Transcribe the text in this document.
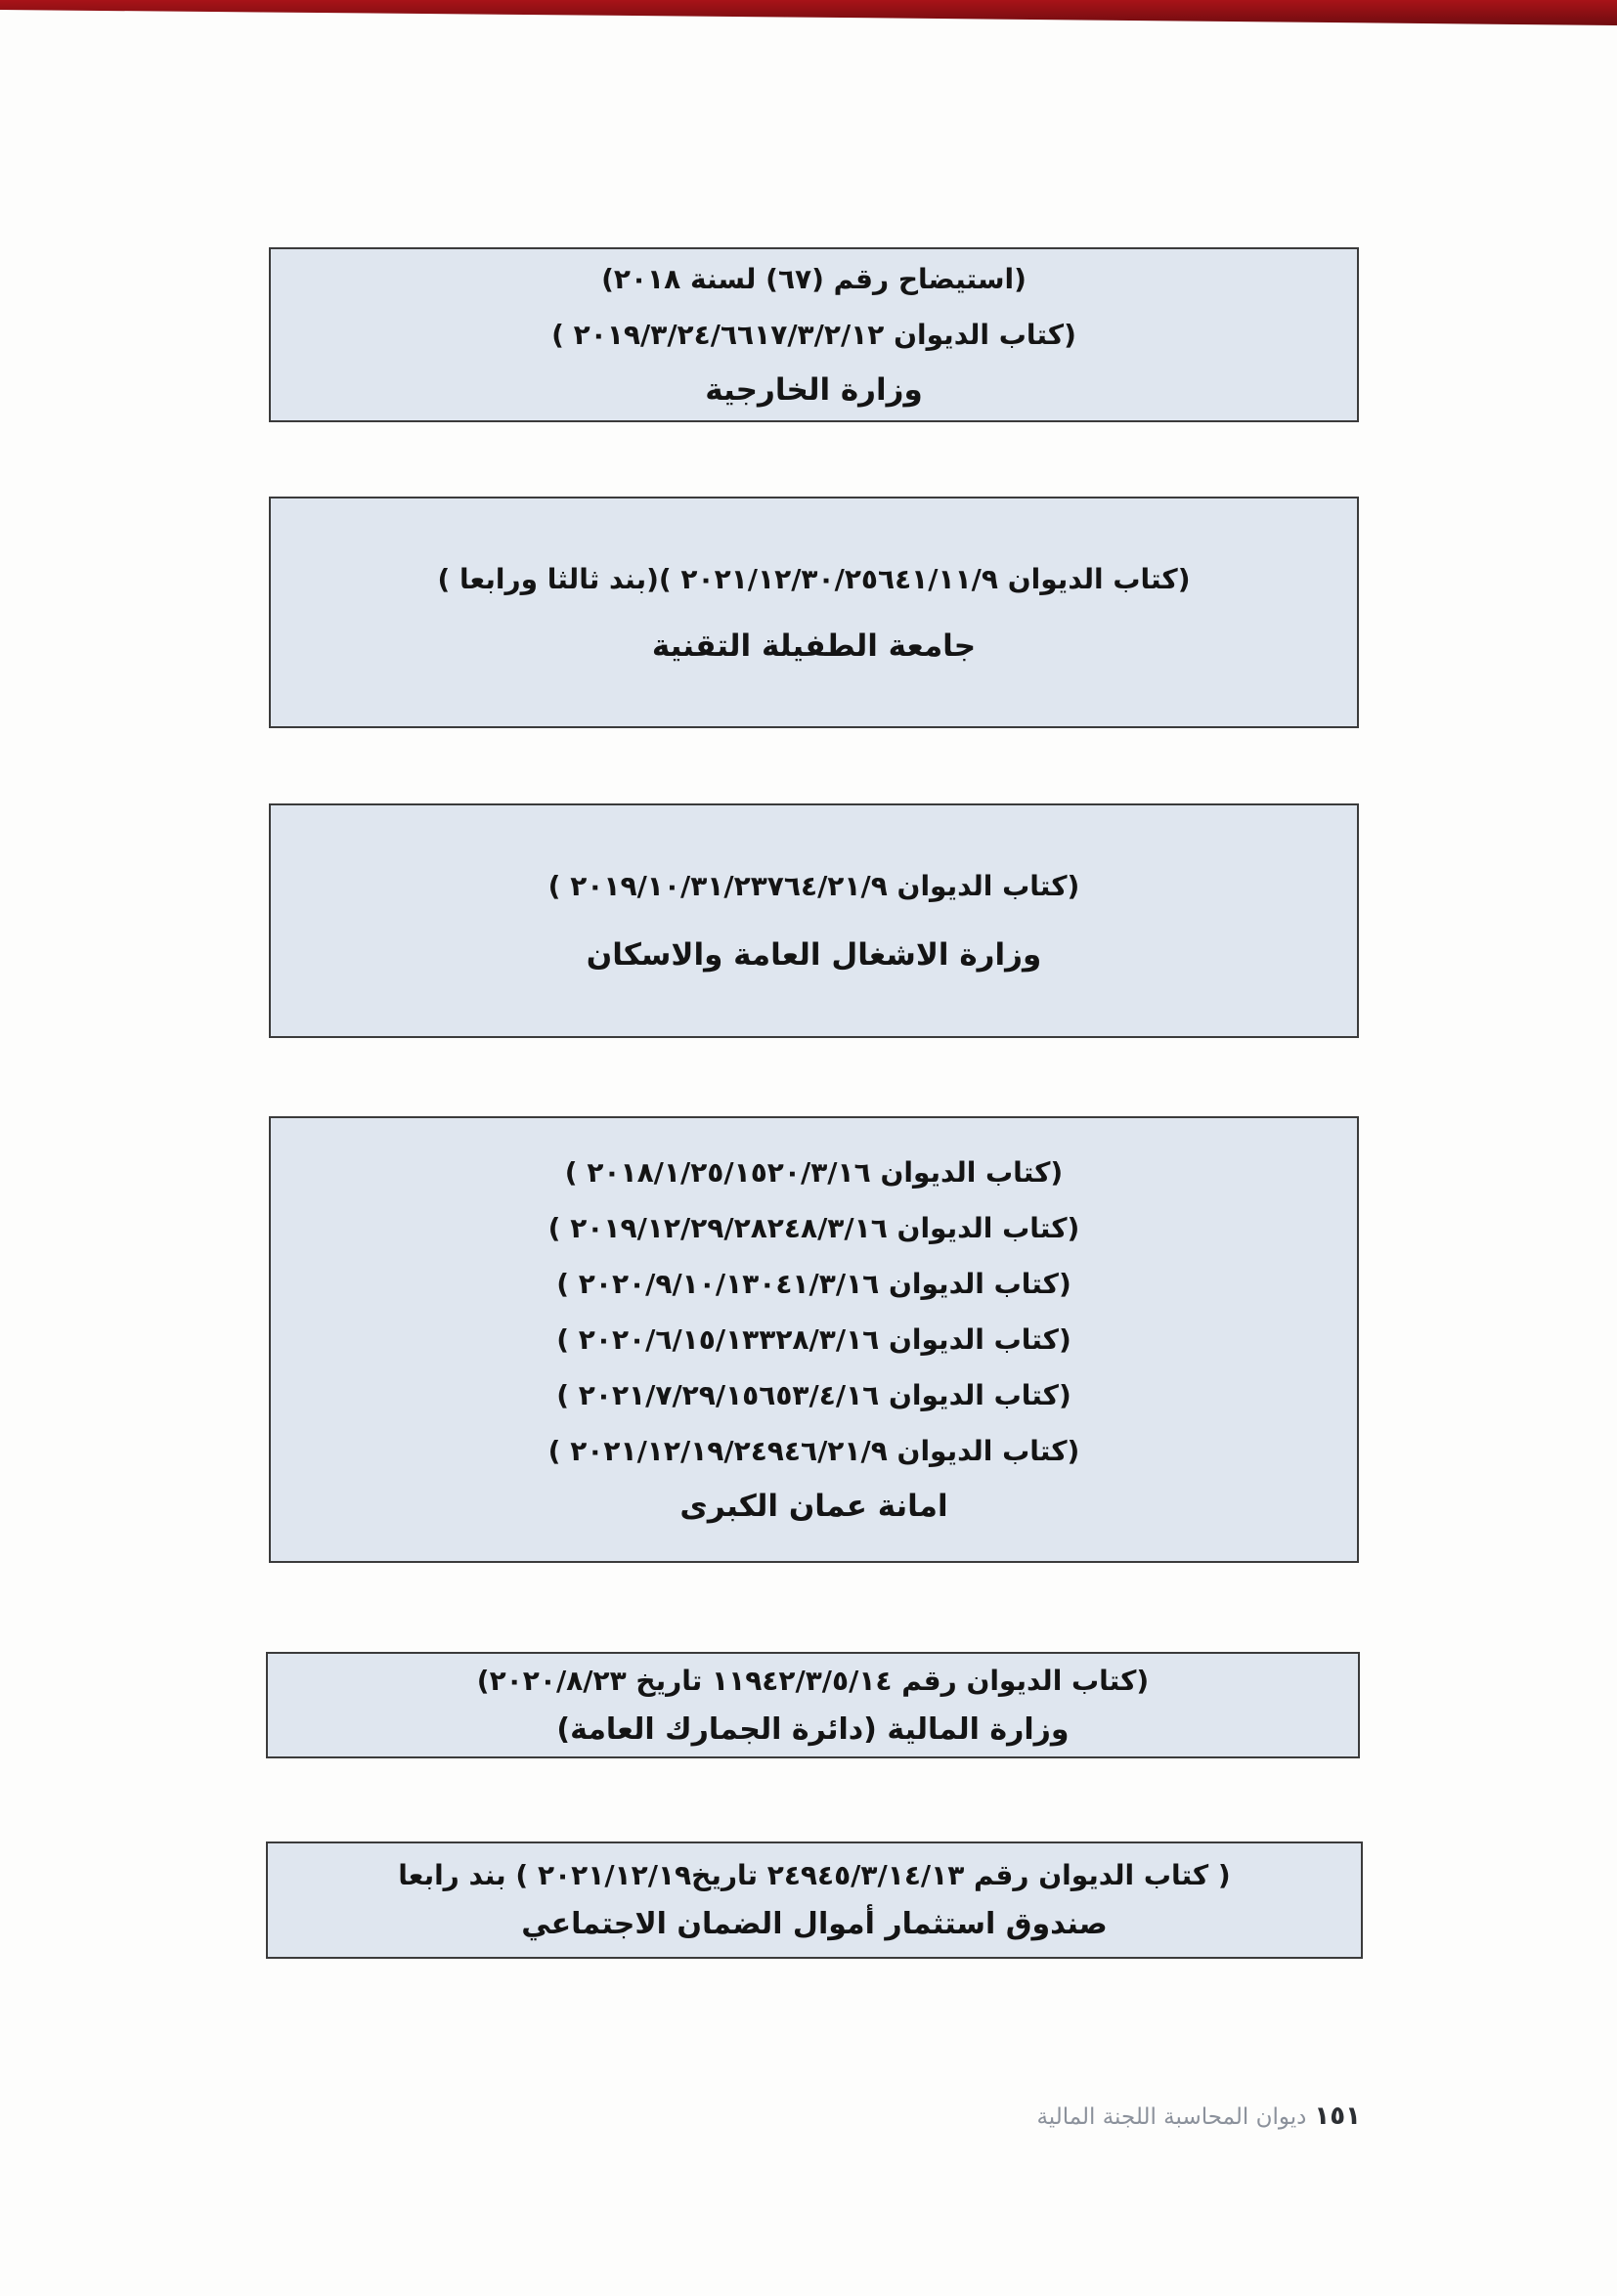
(استيضاح رقم (٦٧) لسنة ٢٠١٨)
(كتاب الديوان ٢٠١٩/٣/٢٤/٦٦١٧/٣/٢/١٢ )
وزارة الخارجية
(كتاب الديوان ٢٠٢١/١٢/٣٠/٢٥٦٤١/١١/٩ )(بند ثالثا ورابعا )
جامعة الطفيلة التقنية
(كتاب الديوان ٢٠١٩/١٠/٣١/٢٣٧٦٤/٢١/٩ )
وزارة الاشغال العامة والاسكان
(كتاب الديوان ٢٠١٨/١/٢٥/١٥٢٠/٣/١٦ )
(كتاب الديوان ٢٠١٩/١٢/٢٩/٢٨٢٤٨/٣/١٦ )
(كتاب الديوان ٢٠٢٠/٩/١٠/١٣٠٤١/٣/١٦ )
(كتاب الديوان ٢٠٢٠/٦/١٥/١٣٣٢٨/٣/١٦ )
(كتاب الديوان ٢٠٢١/٧/٢٩/١٥٦٥٣/٤/١٦ )
(كتاب الديوان ٢٠٢١/١٢/١٩/٢٤٩٤٦/٢١/٩ )
امانة عمان الكبرى
(كتاب الديوان رقم ١١٩٤٢/٣/٥/١٤ تاريخ ٢٠٢٠/٨/٢٣)
وزارة المالية (دائرة الجمارك العامة)
( كتاب الديوان رقم ٢٤٩٤٥/٣/١٤/١٣ تاريخ٢٠٢١/١٢/١٩ ) بند رابعا
صندوق استثمار أموال الضمان الاجتماعي
١٥١
ديوان المحاسبة اللجنة المالية
